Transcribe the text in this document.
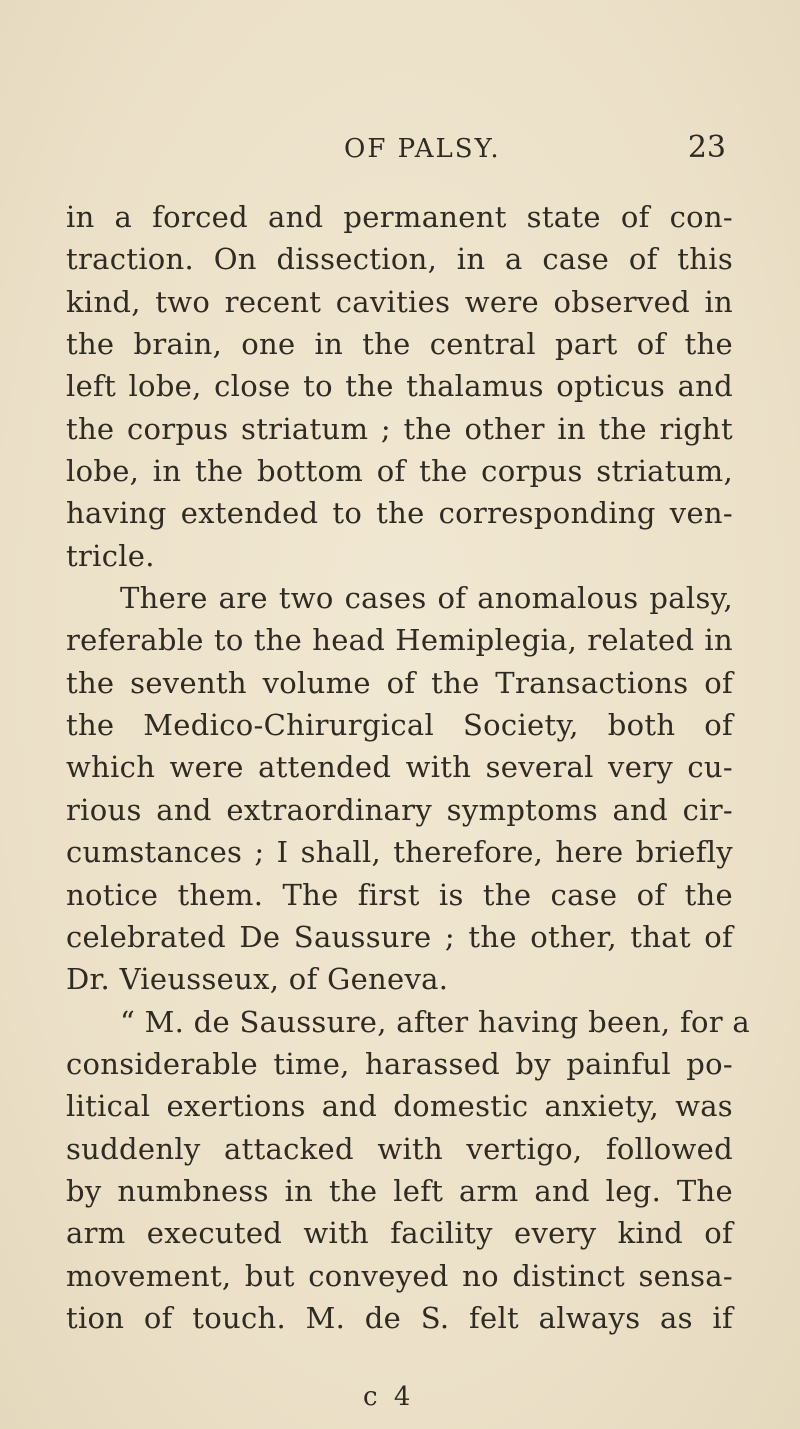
OF PALSY.	23
in a forced and permanent state of con-
traction. On dissection, in a case of this
kind, two recent cavities were observed in
the brain, one in the central part of the
left lobe, close to the thalamus opticus and
the corpus striatum ; the other in the right
lobe, in the bottom of the corpus striatum,
having extended to the corresponding ven-
tricle.
There are two cases of anomalous palsy,
referable to the head Hemiplegia, related in
the seventh volume of the Transactions of
the Medico-Chirurgical Society, both of
which were attended with several very cu-
rious and extraordinary symptoms and cir-
cumstances ; I shall, therefore, here briefly
notice them. The first is the case of the
celebrated De Saussure ; the other, that of
Dr. Vieusseux, of Geneva.
“ M. de Saussure, after having been, for a
considerable time, harassed by painful po-
litical exertions and domestic anxiety, was
suddenly attacked with vertigo, followed
by numbness in the left arm and leg. The
arm executed with facility every kind of
movement, but conveyed no distinct sensa-
tion of touch. M. de S. felt always as if
c 4
